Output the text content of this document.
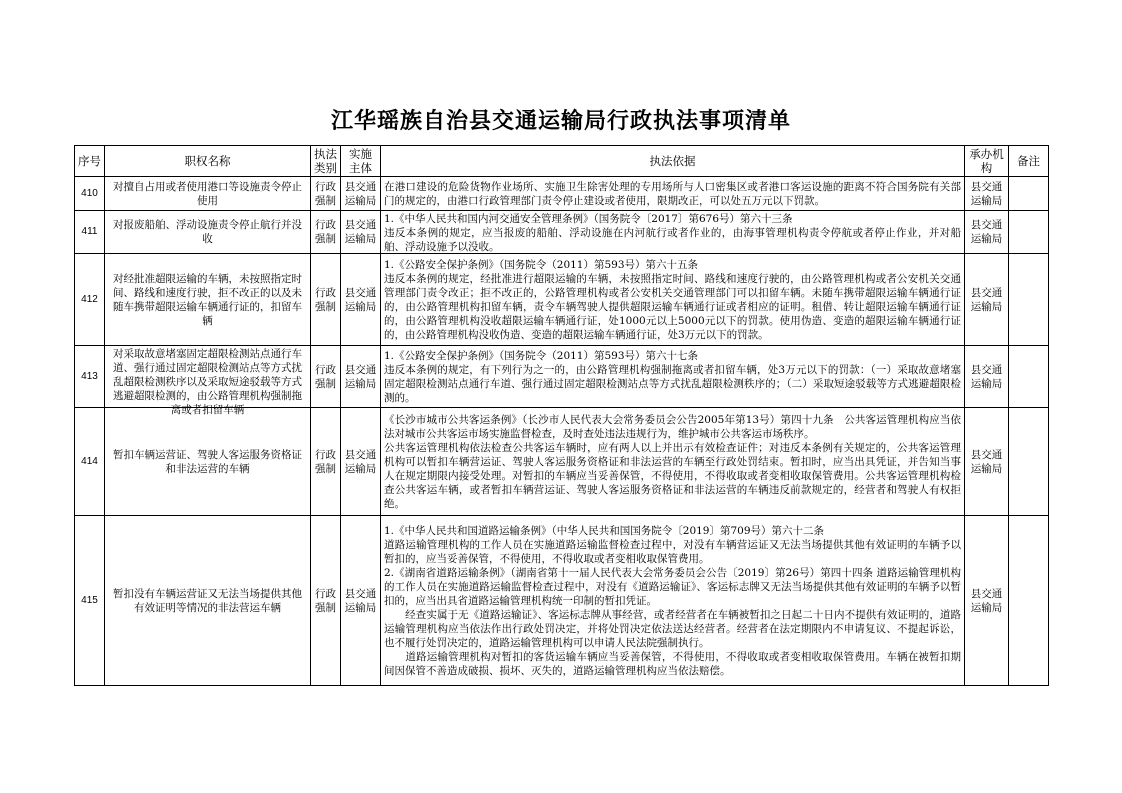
江华瑶族自治县交通运输局行政执法事项清单
序号	职权名称	执法类别	实施主体	执法依据	承办机构	备注

410	对擅自占用或者使用港口等设施责令停止使用	行政强制	县交通运输局	在港口建设的危险货物作业场所、实施卫生除害处理的专用场所与人口密集区或者港口客运设施的距离不符合国务院有关部门的规定的，由港口行政管理部门责令停止建设或者使用，限期改正，可以处五万元以下罚款。	县交通运输局	

411	对报废船舶、浮动设施责令停止航行并没收	行政强制	县交通运输局	1.《中华人民共和国内河交通安全管理条例》（国务院令〔2017〕第676号）第六十三条
违反本条例的规定，应当报废的船舶、浮动设施在内河航行或者作业的，由海事管理机构责令停航或者停止作业，并对船舶、浮动设施予以没收。	县交通运输局	

412	对经批准超限运输的车辆，未按照指定时间、路线和速度行驶，拒不改正的以及未随车携带超限运输车辆通行证的，扣留车辆	行政强制	县交通运输局	1.《公路安全保护条例》（国务院令（2011）第593号）第六十五条
违反本条例的规定，经批准进行超限运输的车辆，未按照指定时间、路线和速度行驶的，由公路管理机构或者公安机关交通管理部门责令改正；拒不改正的，公路管理机构或者公安机关交通管理部门可以扣留车辆。未随车携带超限运输车辆通行证的，由公路管理机构扣留车辆，责令车辆驾驶人提供超限运输车辆通行证或者相应的证明。租借、转让超限运输车辆通行证的，由公路管理机构没收超限运输车辆通行证，处1000元以上5000元以下的罚款。使用伪造、变造的超限运输车辆通行证的，由公路管理机构没收伪造、变造的超限运输车辆通行证，处3万元以下的罚款。	县交通运输局	

413	对采取故意堵塞固定超限检测站点通行车道、强行通过固定超限检测站点等方式扰乱超限检测秩序以及采取短途驳载等方式逃避超限检测的，由公路管理机构强制拖离或者扣留车辆	行政强制	县交通运输局	1.《公路安全保护条例》（国务院令（2011）第593号）第六十七条
违反本条例的规定，有下列行为之一的，由公路管理机构强制拖离或者扣留车辆，处3万元以下的罚款：（一）采取故意堵塞固定超限检测站点通行车道、强行通过固定超限检测站点等方式扰乱超限检测秩序的；（二）采取短途驳载等方式逃避超限检测的。	县交通运输局	

414	暂扣车辆运营证、驾驶人客运服务资格证和非法运营的车辆	行政强制	县交通运输局	《长沙市城市公共客运条例》（长沙市人民代表大会常务委员会公告2005年第13号）第四十九条　公共客运管理机构应当依法对城市公共客运市场实施监督检查，及时查处违法违规行为，维护城市公共客运市场秩序。
公共客运管理机构依法检查公共客运车辆时，应有两人以上并出示有效检查证件；对违反本条例有关规定的，公共客运管理机构可以暂扣车辆营运证、驾驶人客运服务资格证和非法运营的车辆至行政处罚结束。暂扣时，应当出具凭证，并告知当事人在规定期限内接受处理。对暂扣的车辆应当妥善保管，不得使用，不得收取或者变相收取保管费用。公共客运管理机构检查公共客运车辆，或者暂扣车辆营运证、驾驶人客运服务资格证和非法运营的车辆违反前款规定的，经营者和驾驶人有权拒绝。	县交通运输局	

415	暂扣没有车辆运营证又无法当场提供其他有效证明等情况的非法营运车辆	行政强制	县交通运输局	1.《中华人民共和国道路运输条例》（中华人民共和国国务院令〔2019〕第709号）第六十二条
道路运输管理机构的工作人员在实施道路运输监督检查过程中，对没有车辆营运证又无法当场提供其他有效证明的车辆予以暂扣的，应当妥善保管，不得使用，不得收取或者变相收取保管费用。
2.《湖南省道路运输条例》（湖南省第十一届人民代表大会常务委员会公告〔2019〕第26号）第四十四条 道路运输管理机构的工作人员在实施道路运输监督检查过程中，对没有《道路运输证》、客运标志牌又无法当场提供其他有效证明的车辆予以暂扣的，应当出具省道路运输管理机构统一印制的暂扣凭证。
　　经查实属于无《道路运输证》、客运标志牌从事经营，或者经营者在车辆被暂扣之日起二十日内不提供有效证明的，道路运输管理机构应当依法作出行政处罚决定，并将处罚决定依法送达经营者。经营者在法定期限内不申请复议、不提起诉讼，也不履行处罚决定的，道路运输管理机构可以申请人民法院强制执行。
　　道路运输管理机构对暂扣的客货运输车辆应当妥善保管，不得使用，不得收取或者变相收取保管费用。车辆在被暂扣期间因保管不善造成破损、损坏、灭失的，道路运输管理机构应当依法赔偿。	县交通运输局	
